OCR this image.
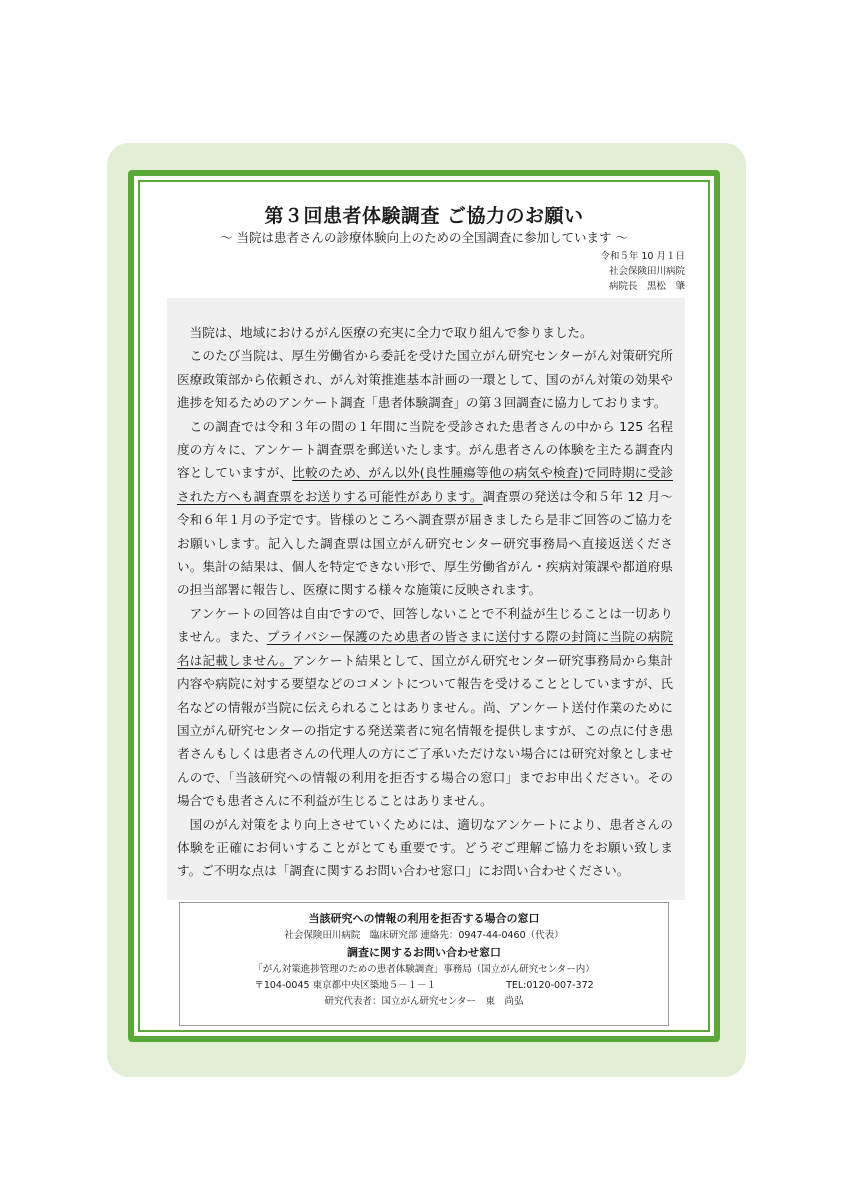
第３回患者体験調査 ご協力のお願い

～ 当院は患者さんの診療体験向上のための全国調査に参加しています ～

令和５年 10 月１日
社会保険田川病院
病院長　黒松　肇

当院は、地域におけるがん医療の充実に全力で取り組んで参りました。

このたび当院は、厚生労働省から委託を受けた国立がん研究センターがん対策研究所医療政策部から依頼され、がん対策推進基本計画の一環として、国のがん対策の効果や進捗を知るためのアンケート調査「患者体験調査」の第３回調査に協力しております。

この調査では令和３年の間の１年間に当院を受診された患者さんの中から 125 名程度の方々に、アンケート調査票を郵送いたします。がん患者さんの体験を主たる調査内容としていますが、比較のため、がん以外(良性腫瘍等他の病気や検査)で同時期に受診された方へも調査票をお送りする可能性があります。調査票の発送は令和５年 12 月～令和６年１月の予定です。皆様のところへ調査票が届きましたら是非ご回答のご協力をお願いします。記入した調査票は国立がん研究センター研究事務局へ直接返送ください。集計の結果は、個人を特定できない形で、厚生労働省がん・疾病対策課や都道府県の担当部署に報告し、医療に関する様々な施策に反映されます。

アンケートの回答は自由ですので、回答しないことで不利益が生じることは一切ありません。また、プライバシー保護のため患者の皆さまに送付する際の封筒に当院の病院名は記載しません。アンケート結果として、国立がん研究センター研究事務局から集計内容や病院に対する要望などのコメントについて報告を受けることとしていますが、氏名などの情報が当院に伝えられることはありません。尚、アンケート送付作業のために国立がん研究センターの指定する発送業者に宛名情報を提供しますが、この点に付き患者さんもしくは患者さんの代理人の方にご了承いただけない場合には研究対象としませんので、「当該研究への情報の利用を拒否する場合の窓口」までお申出ください。その場合でも患者さんに不利益が生じることはありません。

国のがん対策をより向上させていくためには、適切なアンケートにより、患者さんの体験を正確にお伺いすることがとても重要です。どうぞご理解ご協力をお願い致します。ご不明な点は「調査に関するお問い合わせ窓口」にお問い合わせください。

当該研究への情報の利用を拒否する場合の窓口
社会保険田川病院　臨床研究部 連絡先：0947-44-0460（代表）
調査に関するお問い合わせ窓口
「がん対策進捗管理のための患者体験調査」事務局（国立がん研究センター内）
〒104-0045 東京都中央区築地５－１－１	TEL:0120-007-372
研究代表者：国立がん研究センター　東　尚弘
